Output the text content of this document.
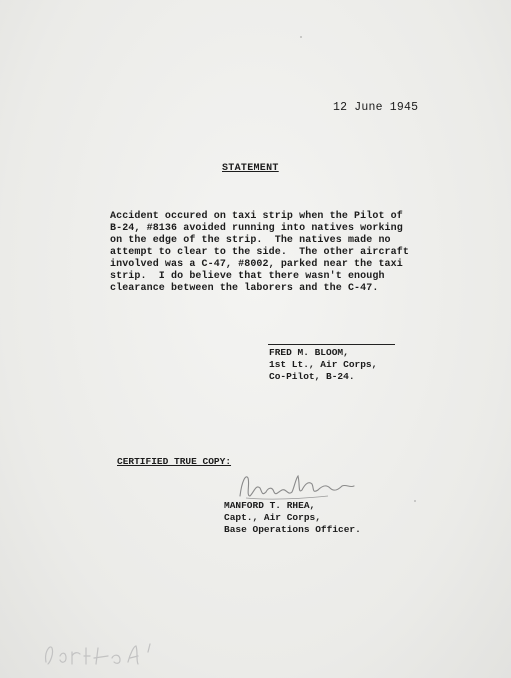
12 June 1945
STATEMENT
Accident occured on taxi strip when the Pilot of
B-24, #8136 avoided running into natives working
on the edge of the strip.  The natives made no
attempt to clear to the side.  The other aircraft
involved was a C-47, #8002, parked near the taxi
strip.  I do believe that there wasn't enough
clearance between the laborers and the C-47.
FRED M. BLOOM,
1st Lt., Air Corps,
Co-Pilot, B-24.
CERTIFIED TRUE COPY:
MANFORD T. RHEA,
Capt., Air Corps,
Base Operations Officer.
